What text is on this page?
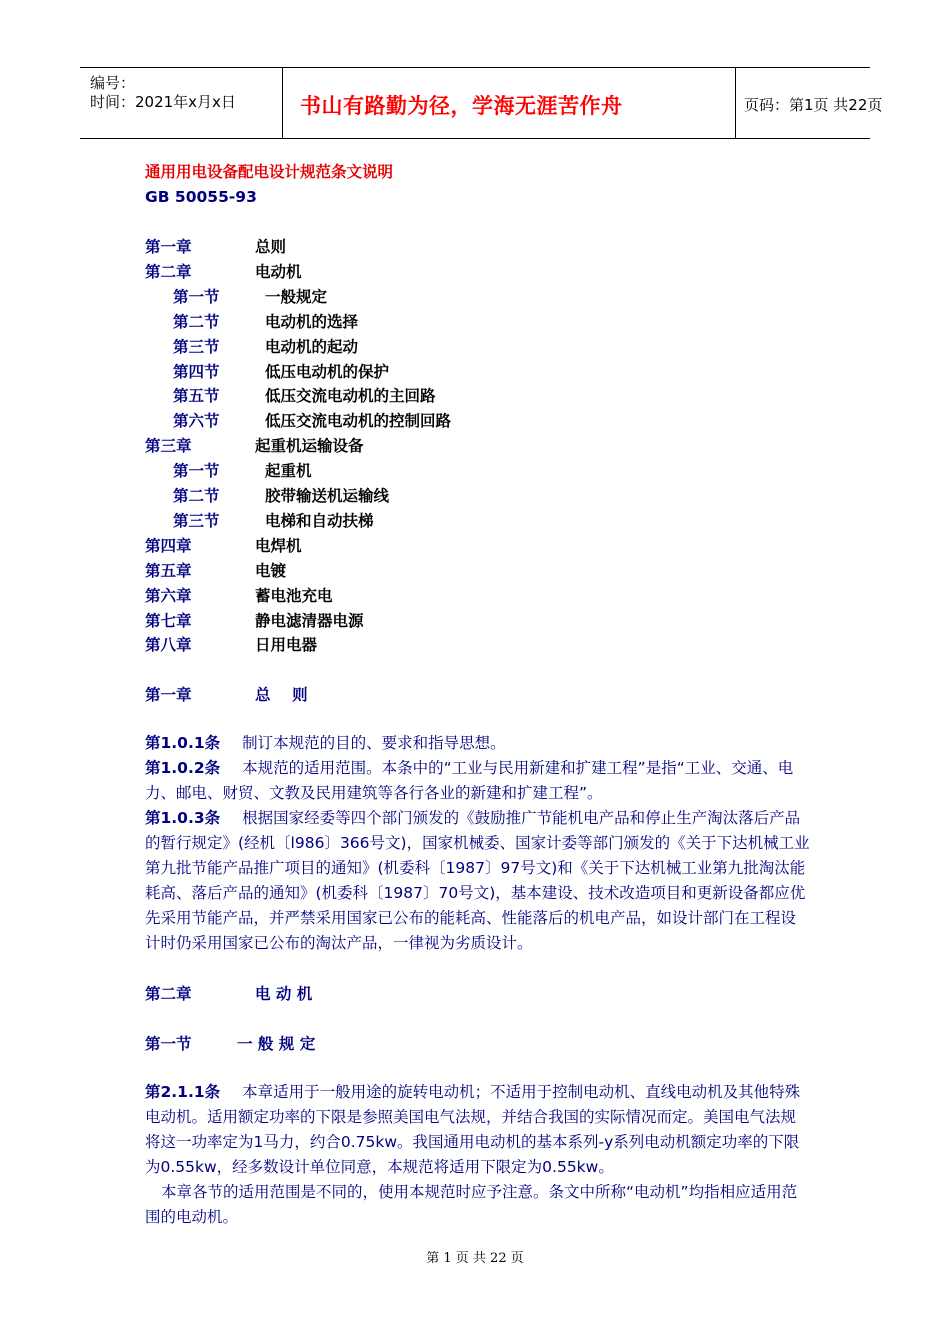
编号：
时间：2021年x月x日	书山有路勤为径，学海无涯苦作舟	页码：第1页 共22页
通用用电设备配电设计规范条文说明
GB 50055-93
第一章	总则
第二章	电动机
第一节	一般规定
第二节	电动机的选择
第三节	电动机的起动
第四节	低压电动机的保护
第五节	低压交流电动机的主回路
第六节	低压交流电动机的控制回路
第三章	起重机运输设备
第一节	起重机
第二节	胶带输送机运输线
第三节	电梯和自动扶梯
第四章	电焊机
第五章	电镀
第六章	蓄电池充电
第七章	静电滤清器电源
第八章	日用电器
第一章	总    则
第1.0.1条 制订本规范的目的、要求和指导思想。
第1.0.2条 本规范的适用范围。本条中的“工业与民用新建和扩建工程”是指“工业、交通、电力、邮电、财贸、文教及民用建筑等各行各业的新建和扩建工程”。
第1.0.3条 根据国家经委等四个部门颁发的《鼓励推广节能机电产品和停止生产淘汰落后产品的暂行规定》(经机〔l986〕366号文)，国家机械委、国家计委等部门颁发的《关于下达机械工业第九批节能产品推广项目的通知》(机委科〔1987〕97号文)和《关于下达机械工业第九批淘汰能耗高、落后产品的通知》(机委科〔1987〕70号文)，基本建设、技术改造项目和更新设备都应优先采用节能产品，并严禁采用国家已公布的能耗高、性能落后的机电产品，如设计部门在工程设计时仍采用国家已公布的淘汰产品，一律视为劣质设计。
第二章	电 动 机
第一节	一 般 规 定
第2.1.1条 本章适用于一般用途的旋转电动机；不适用于控制电动机、直线电动机及其他特殊电动机。适用额定功率的下限是参照美国电气法规，并结合我国的实际情况而定。美国电气法规将这一功率定为1马力，约合0.75kw。我国通用电动机的基本系列-y系列电动机额定功率的下限为0.55kw，经多数设计单位同意，本规范将适用下限定为0.55kw。
本章各节的适用范围是不同的，使用本规范时应予注意。条文中所称“电动机”均指相应适用范围的电动机。
第 1 页 共 22 页
